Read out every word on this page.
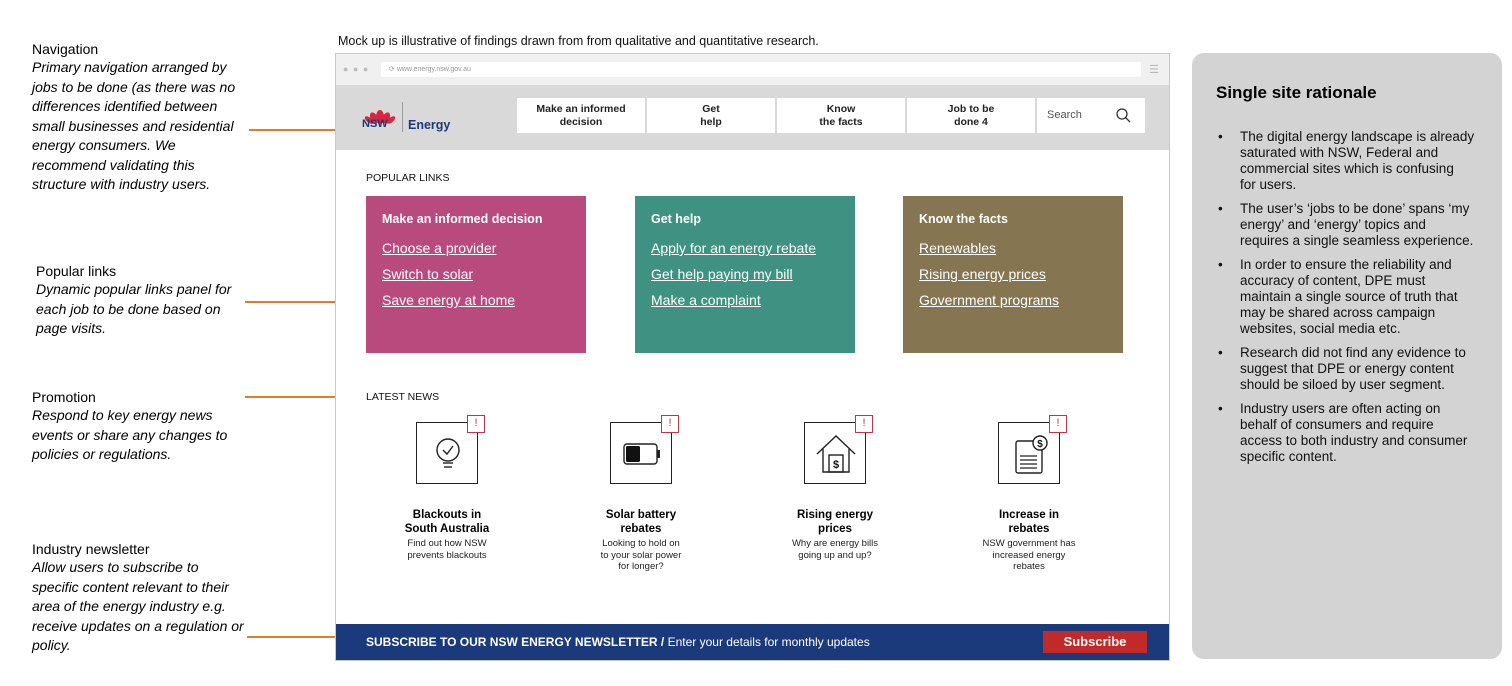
Mock up is illustrative of findings drawn from from qualitative and quantitative research.
Navigation
Primary navigation arranged by jobs to be done (as there was no differences identified between small businesses and residential energy consumers. We recommend validating this structure with industry users.
Popular links
Dynamic popular links panel for each job to be done based on page visits.
Promotion
Respond to key energy news events or share any changes to policies or regulations.
Industry newsletter
Allow users to subscribe to specific content relevant to their area of the energy industry e.g. receive updates on a regulation or policy.
● ● ●	⟳ www.energy.nsw.gov.au	☰
NSW Energy
Make an informed
decision
Get
help
Know
the facts
Job to be
done 4
Search
POPULAR LINKS
Make an informed decision
Choose a provider
Switch to solar
Save energy at home
Get help
Apply for an energy rebate
Get help paying my bill
Make a complaint
Know the facts
Renewables
Rising energy prices
Government programs
LATEST NEWS
!
Blackouts in
South Australia
Find out how NSW
prevents blackouts
!
Solar battery
rebates
Looking to hold on
to your solar power
for longer?
$
!
Rising energy
prices
Why are energy bills
going up and up?
$
!
Increase in
rebates
NSW government has
increased energy
rebates
SUBSCRIBE TO OUR NSW ENERGY NEWSLETTER / Enter your details for monthly updates	Subscribe
Single site rationale
• The digital energy landscape is already saturated with NSW, Federal and commercial sites which is confusing
for users.
• The user’s ‘jobs to be done’ spans ‘my energy’ and ‘energy’ topics and requires a single seamless experience.
• In order to ensure the reliability and accuracy of content, DPE must maintain a single source of truth that may be shared across campaign websites, social media etc.
• Research did not find any evidence to suggest that DPE or energy content should be siloed by user segment.
• Industry users are often acting on behalf of consumers and require access to both industry and consumer specific content.
